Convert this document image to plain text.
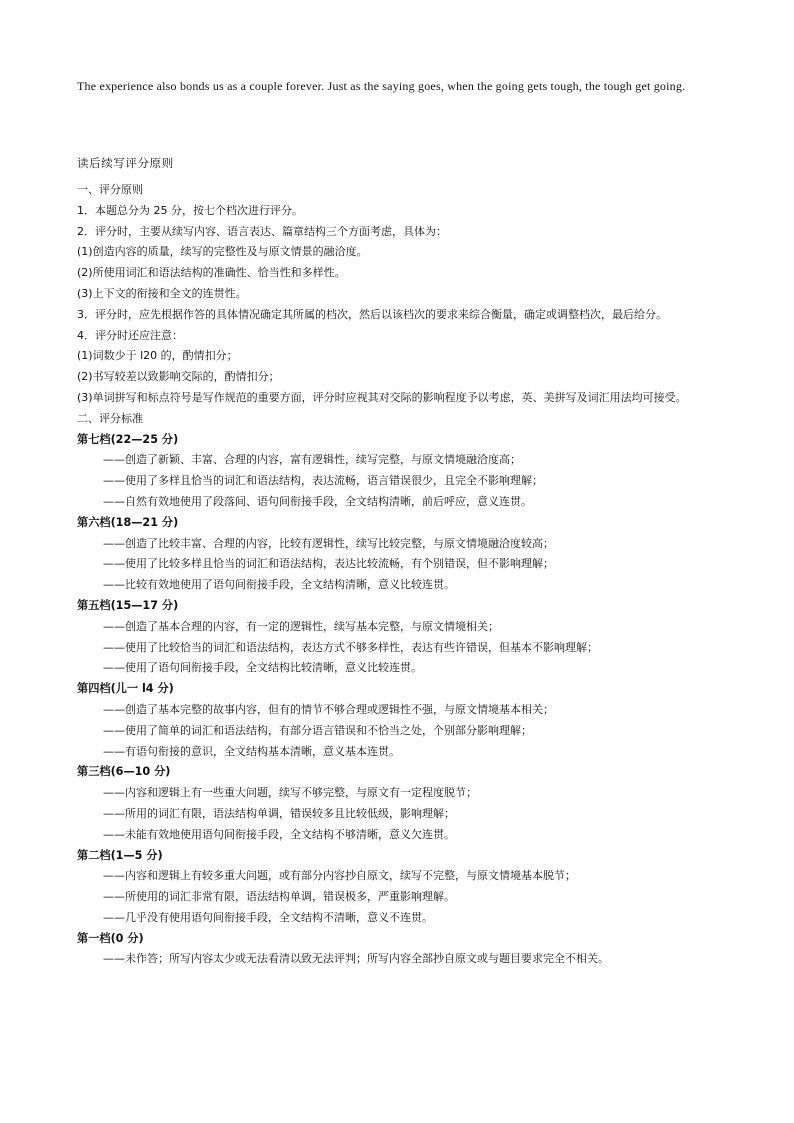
The experience also bonds us as a couple forever. Just as the saying goes, when the going gets tough, the tough get going.

读后续写评分原则
一、评分原则
1．本题总分为 25 分，按七个档次进行评分。
2．评分时，主要从续写内容、语言表达、篇章结构三个方面考虑，具体为：
(1)创造内容的质量，续写的完整性及与原文情景的融洽度。
(2)所使用词汇和语法结构的准确性、恰当性和多样性。
(3)上下文的衔接和全文的连贯性。
3．评分时，应先根据作答的具体情况确定其所属的档次，然后以该档次的要求来综合衡量，确定或调整档次，最后给分。
4．评分时还应注意：
(1)词数少于 l20 的，酌情扣分；
(2)书写较差以致影响交际的，酌情扣分；
(3)单词拼写和标点符号是写作规范的重要方面，评分时应视其对交际的影响程度予以考虑，英、美拼写及词汇用法均可接受。
二、评分标准
第七档(22—25 分)
——创造了新颖、丰富、合理的内容，富有逻辑性，续写完整，与原文情境融洽度高；
——使用了多样且恰当的词汇和语法结构，表达流畅，语言错误很少，且完全不影响理解；
——自然有效地使用了段落间、语句间衔接手段，全文结构清晰，前后呼应，意义连贯。
第六档(18—21 分)
——创造了比较丰富、合理的内容，比较有逻辑性，续写比较完整，与原文情境融洽度较高；
——使用了比较多样且恰当的词汇和语法结构，表达比较流畅，有个别错误，但不影响理解；
——比较有效地使用了语句间衔接手段，全文结构清晰，意义比较连贯。
第五档(15—17 分)
——创造了基本合理的内容，有一定的逻辑性，续写基本完整，与原文情境相关；
——使用了比较恰当的词汇和语法结构，表达方式不够多样性，表达有些许错误，但基本不影响理解；
——使用了语句间衔接手段，全文结构比较清晰，意义比较连贯。
第四档(儿一 l4 分)
——创造了基本完整的故事内容，但有的情节不够合理或逻辑性不强，与原文情境基本相关；
——使用了简单的词汇和语法结构，有部分语言错误和不恰当之处，个别部分影响理解；
——有语句衔接的意识，全文结构基本清晰，意义基本连贯。
第三档(6—10 分)
——内容和逻辑上有一些重大问题，续写不够完整，与原文有一定程度脱节；
——所用的词汇有限，语法结构单调，错误较多且比较低级，影响理解；
——未能有效地使用语句间衔接手段，全文结构不够清晰，意义欠连贯。
第二档(1—5 分)
——内容和逻辑上有较多重大问题，或有部分内容抄自原文，续写不完整，与原文情境基本脱节；
——所使用的词汇非常有限，语法结构单调，错误极多，严重影响理解。
——几乎没有使用语句间衔接手段，全文结构不清晰，意义不连贯。
第一档(0 分)
——未作答；所写内容太少或无法看清以致无法评判；所写内容全部抄自原文或与题目要求完全不相关。
